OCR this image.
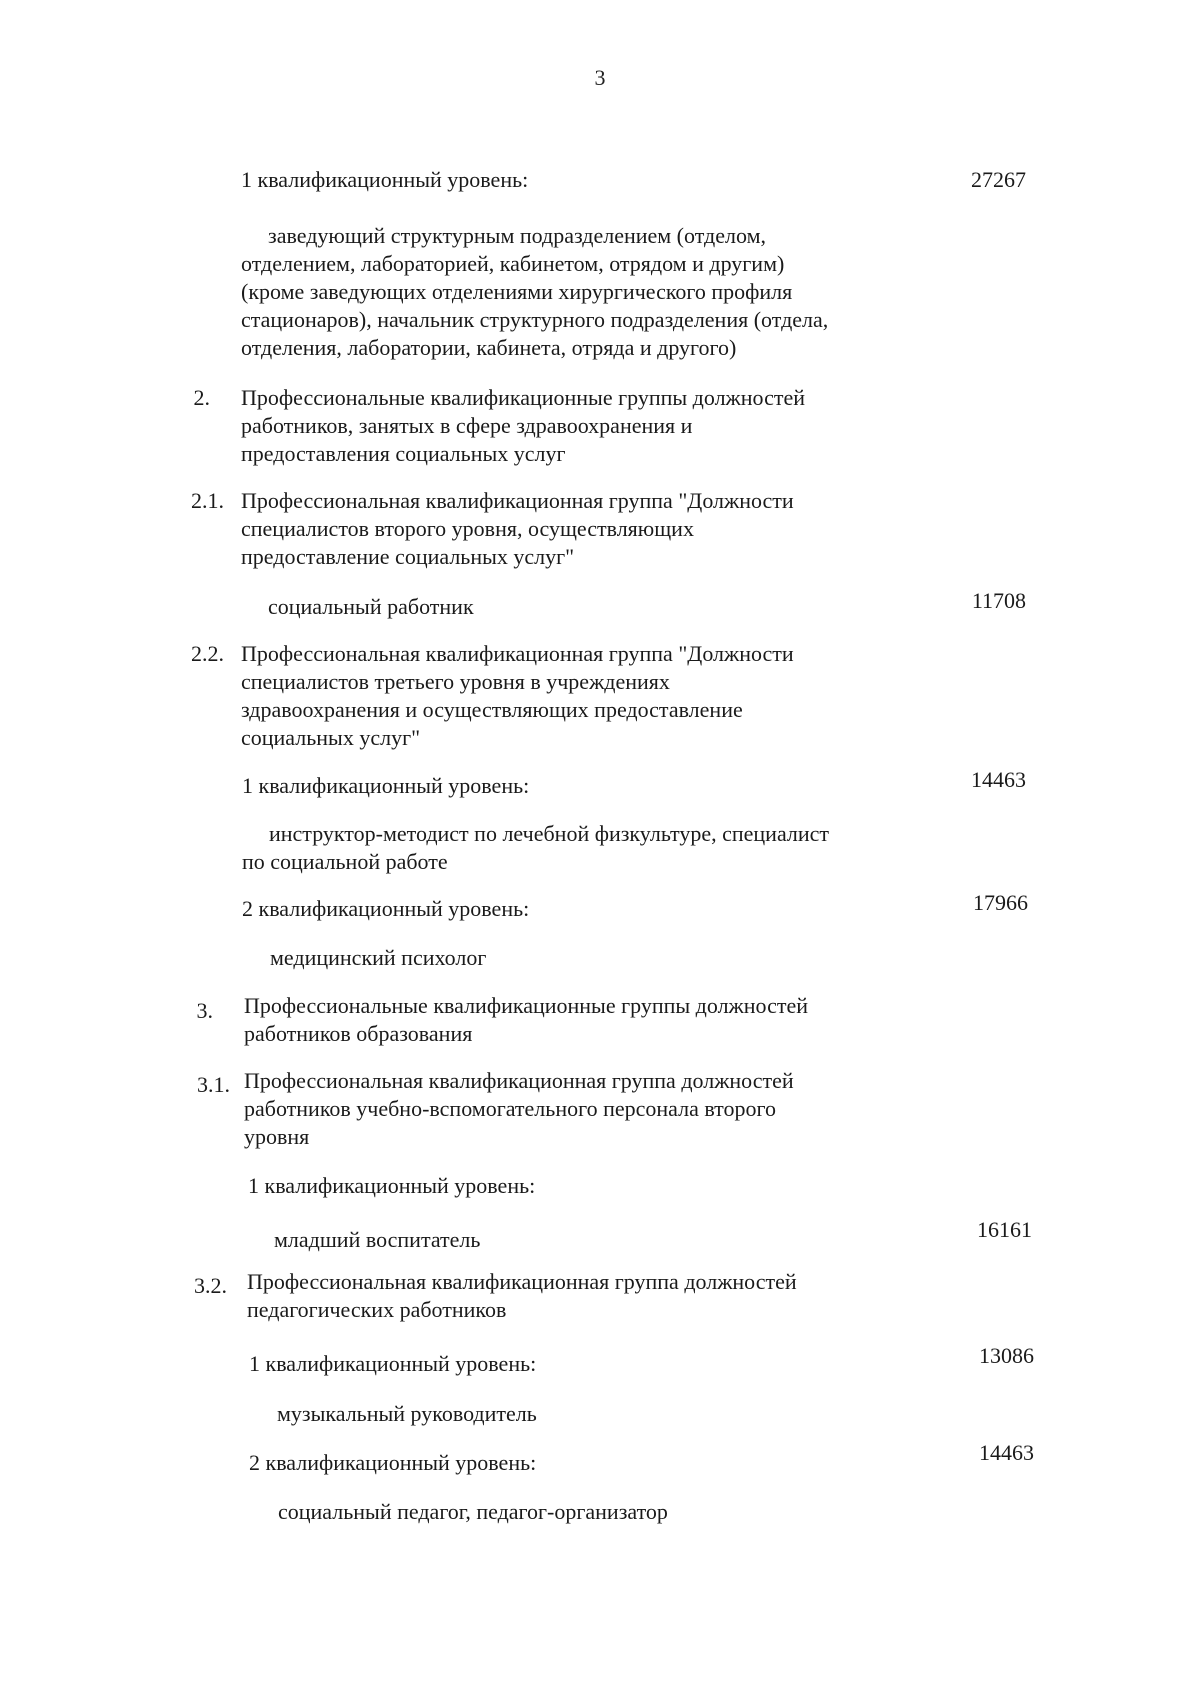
3
1 квалификационный уровень:	27267
заведующий структурным подразделением (отделом,
отделением, лабораторией, кабинетом, отрядом и другим)
(кроме заведующих отделениями хирургического профиля
стационаров), начальник структурного подразделения (отдела,
отделения, лаборатории, кабинета, отряда и другого)
2. Профессиональные квалификационные группы должностей
работников, занятых в сфере здравоохранения и
предоставления социальных услуг
2.1. Профессиональная квалификационная группа "Должности
специалистов второго уровня, осуществляющих
предоставление социальных услуг"
социальный работник	11708
2.2. Профессиональная квалификационная группа "Должности
специалистов третьего уровня в учреждениях
здравоохранения и осуществляющих предоставление
социальных услуг"
1 квалификационный уровень:	14463
инструктор-методист по лечебной физкультуре, специалист
по социальной работе
2 квалификационный уровень:	17966
медицинский психолог
3. Профессиональные квалификационные группы должностей
работников образования
3.1. Профессиональная квалификационная группа должностей
работников учебно-вспомогательного персонала второго
уровня
1 квалификационный уровень:
младший воспитатель	16161
3.2. Профессиональная квалификационная группа должностей
педагогических работников
1 квалификационный уровень:	13086
музыкальный руководитель
2 квалификационный уровень:	14463
социальный педагог, педагог-организатор
